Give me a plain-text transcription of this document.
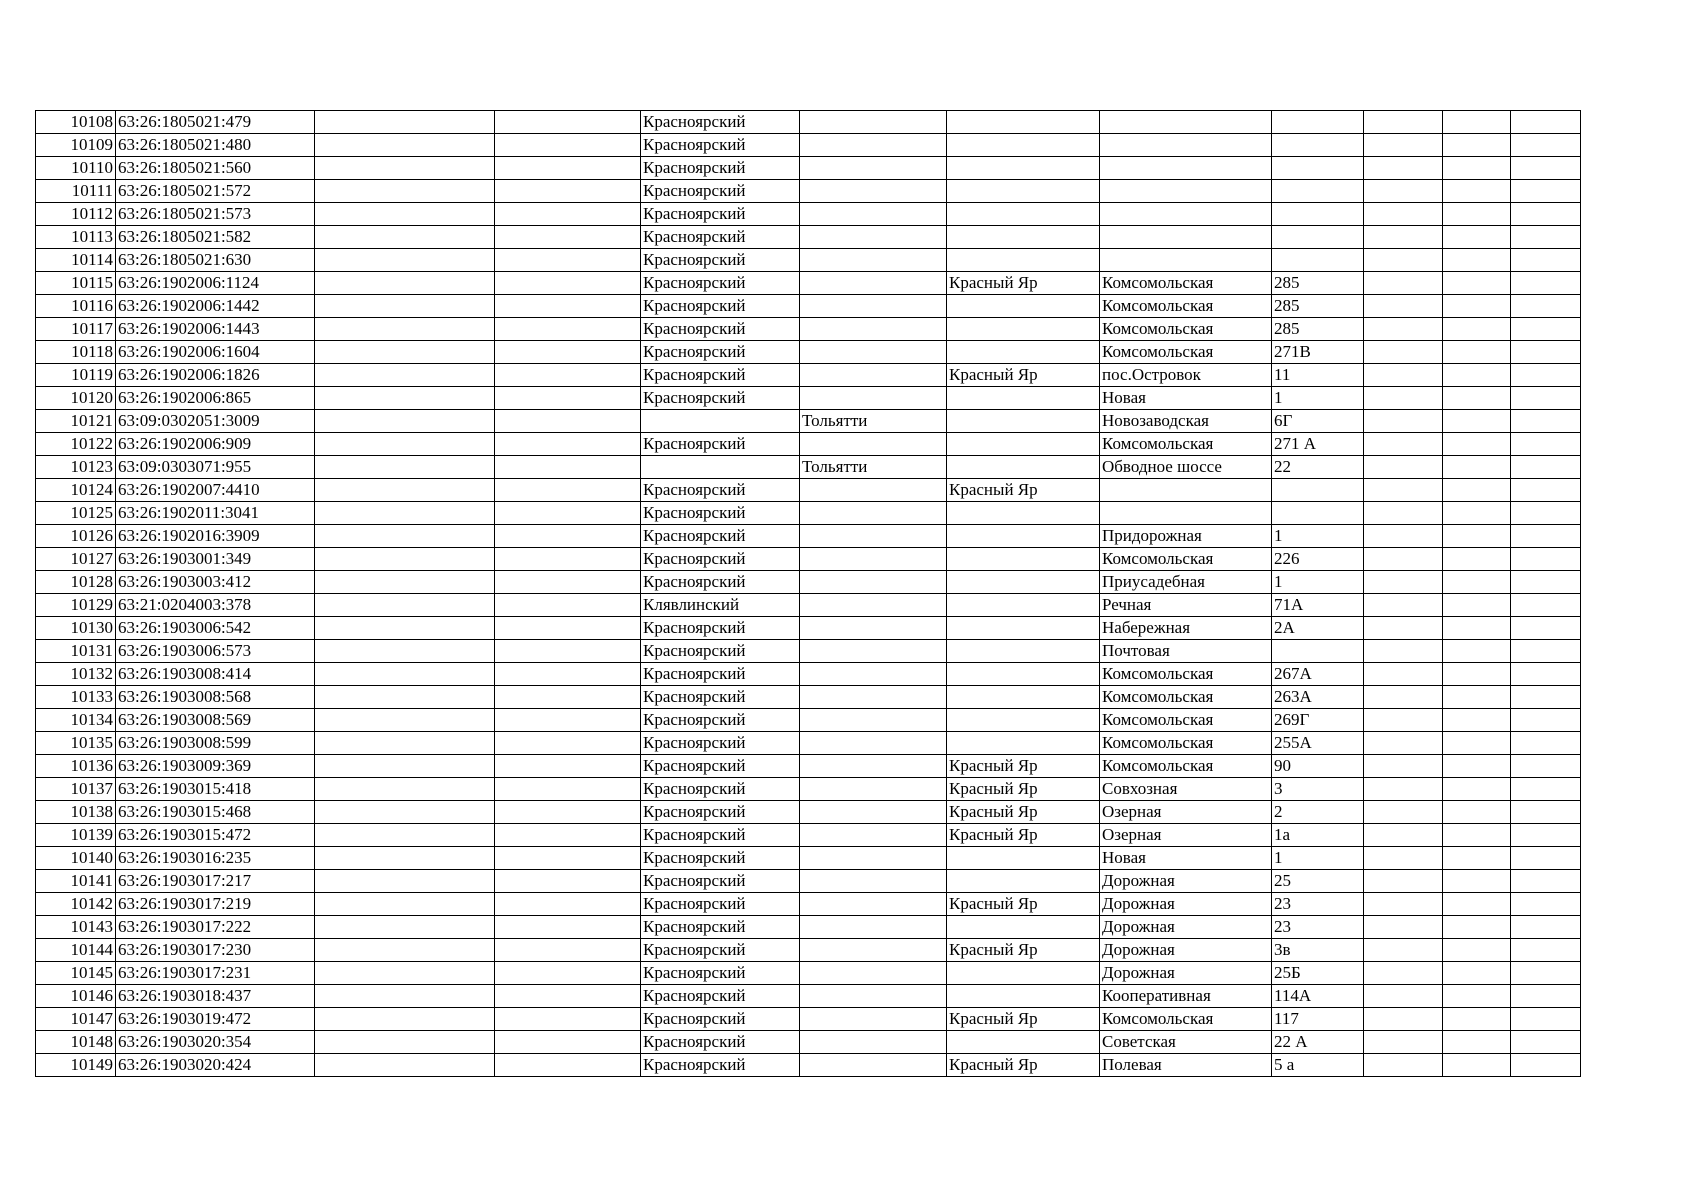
10108	63:26:1805021:479			Красноярский							
10109	63:26:1805021:480			Красноярский							
10110	63:26:1805021:560			Красноярский							
10111	63:26:1805021:572			Красноярский							
10112	63:26:1805021:573			Красноярский							
10113	63:26:1805021:582			Красноярский							
10114	63:26:1805021:630			Красноярский							
10115	63:26:1902006:1124			Красноярский		Красный Яр	Комсомольская	285			
10116	63:26:1902006:1442			Красноярский			Комсомольская	285			
10117	63:26:1902006:1443			Красноярский			Комсомольская	285			
10118	63:26:1902006:1604			Красноярский			Комсомольская	271В			
10119	63:26:1902006:1826			Красноярский		Красный Яр	пос.Островок	11			
10120	63:26:1902006:865			Красноярский			Новая	1			
10121	63:09:0302051:3009				Тольятти		Новозаводская	6Г			
10122	63:26:1902006:909			Красноярский			Комсомольская	271 А			
10123	63:09:0303071:955				Тольятти		Обводное шоссе	22			
10124	63:26:1902007:4410			Красноярский		Красный Яр					
10125	63:26:1902011:3041			Красноярский							
10126	63:26:1902016:3909			Красноярский			Придорожная	1			
10127	63:26:1903001:349			Красноярский			Комсомольская	226			
10128	63:26:1903003:412			Красноярский			Приусадебная	1			
10129	63:21:0204003:378			Клявлинский			Речная	71А			
10130	63:26:1903006:542			Красноярский			Набережная	2А			
10131	63:26:1903006:573			Красноярский			Почтовая				
10132	63:26:1903008:414			Красноярский			Комсомольская	267А			
10133	63:26:1903008:568			Красноярский			Комсомольская	263А			
10134	63:26:1903008:569			Красноярский			Комсомольская	269Г			
10135	63:26:1903008:599			Красноярский			Комсомольская	255А			
10136	63:26:1903009:369			Красноярский		Красный Яр	Комсомольская	90			
10137	63:26:1903015:418			Красноярский		Красный Яр	Совхозная	3			
10138	63:26:1903015:468			Красноярский		Красный Яр	Озерная	2			
10139	63:26:1903015:472			Красноярский		Красный Яр	Озерная	1а			
10140	63:26:1903016:235			Красноярский			Новая	1			
10141	63:26:1903017:217			Красноярский			Дорожная	25			
10142	63:26:1903017:219			Красноярский		Красный Яр	Дорожная	23			
10143	63:26:1903017:222			Красноярский			Дорожная	23			
10144	63:26:1903017:230			Красноярский		Красный Яр	Дорожная	3в			
10145	63:26:1903017:231			Красноярский			Дорожная	25Б			
10146	63:26:1903018:437			Красноярский			Кооперативная	114А			
10147	63:26:1903019:472			Красноярский		Красный Яр	Комсомольская	117			
10148	63:26:1903020:354			Красноярский			Советская	22 А			
10149	63:26:1903020:424			Красноярский		Красный Яр	Полевая	5 а			
